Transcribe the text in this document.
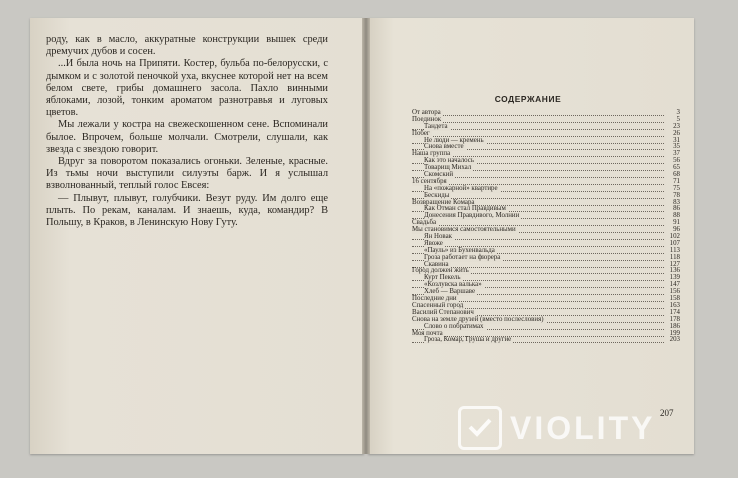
роду, как в масло, аккуратные конструкции вышек среди дремучих дубов и сосен.

...И была ночь на Припяти. Костер, бульба по-белорусски, с дымком и с золотой пеночкой уха, вкуснее которой нет на всем белом свете, грибы домашнего засола. Пахло винными яблоками, лозой, тонким ароматом разнотравья и луговых цветов.

Мы лежали у костра на свежескошенном сене. Вспоминали былое. Впрочем, больше молчали. Смотрели, слушали, как звезда с звездою говорит.

Вдруг за поворотом показались огоньки. Зеленые, красные. Из тьмы ночи выступили силуэты барж. И я услышал взволнованный, теплый голос Евсея:

— Плывут, плывут, голубчики. Везут руду. Им долго еще плыть. По рекам, каналам. И знаешь, куда, командир? В Польшу, в Краков, в Ленинскую Нову Гуту.

СОДЕРЖАНИЕ
От автора	3
Поединок	5
Тандета	23
Побег	26
Не люди — кремень	31
Снова вместе	35
Наша группа	37
Как это началось	56
Товарищ Михал	65
Скомский	68
16 сентября	71
На «пожарной» квартире	75
Бескиды	78
Возвращение Комара	83
Как Отман стал Правдивым	86
Донесения Правдивого, Молнии	88
Свадьба	91
Мы становимся самостоятельными	96
Ян Новак	102
Явоже	107
«Пауль» из Бухенвальда	113
Гроза работает на фюрера	118
Скавина	127
Город должен жить	136
Курт Пекель	139
«Козлувска валька»	147
Хлеб — Варшаве	156
Последние дни	158
Спасенный город	163
Василий Степанович	174
Снова на земле друзей (вместо послесловия)	178
Слово о побратимах	186
Моя почта	199
Гроза, Комар, Груша и другие	203
207
VIOLITY
